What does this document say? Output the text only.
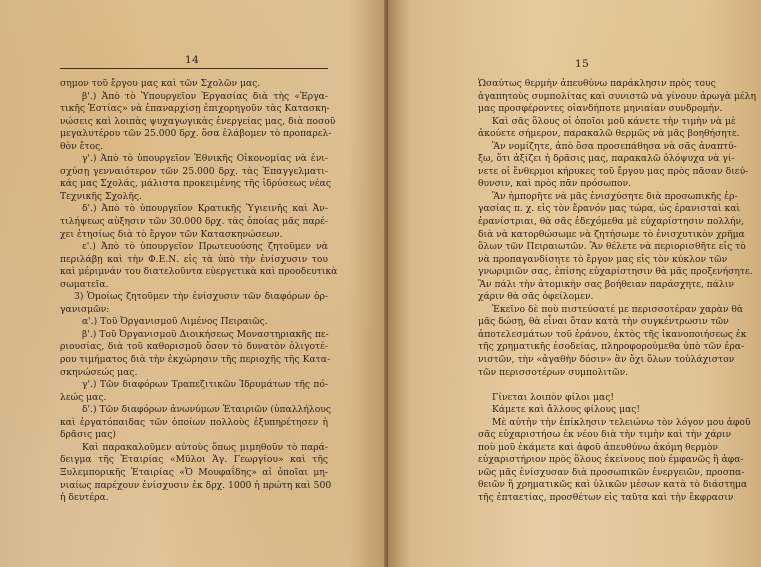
14
σημον τοῦ ἔργου μας καὶ τῶν Σχολῶν μας.
β'.) Ἀπὸ τὸ Ὑπουργεῖον Ἐργασίας διὰ τὴς «Ἐργα-
τικῆς Ἑστίας» νὰ ἐπαναρχίσῃ ἐπιχορηγοῦν τὰς Κατασκη-
νώσεις καὶ λοιπὰς ψυχαγωγικὰς ἐνεργείας μας, διὰ ποσοῦ
μεγαλυτέρου τῶν 25.000 δρχ. ὅσα ἐλάβομεν τὸ προπαρελ-
θὸν ἔτος.
γ'.) Ἀπὸ τὸ ὑπουργεῖον Ἐθνικῆς Οἰκονομίας νὰ ἐνι-
σχύσῃ γενναιότερον τῶν 25.000 δρχ. τὰς Ἐπαγγελματι-
κάς μας Σχολάς, μάλιστα προκειμένης τῆς ἱδρύσεως νέας
Τεχνικῆς Σχολῆς.
δ'.) Ἀπὸ τὸ ὑπουργεῖον Κρατικῆς Ὑγιεινῆς καὶ Ἀν-
τιλήψεως αὐξησιν τῶν 30.000 δρχ. τὰς ὁποίας μᾶς παρέ-
χει ἐτησίως διὰ τὸ ἔργον τῶν Κατασκηνώσεων.
ε'.) Ἀπὸ τὸ ὑπουργεῖον Πρωτευούσης ζητοῦμεν νὰ
περιλάβῃ καὶ τὴν Φ.Ε.Ν. εἰς τὰ ὑπὸ τὴν ἐνίσχυσιν του
καὶ μέριμνάν του διατελοῦντα εὐεργετικὰ καὶ προοδευτικὰ
σωματεῖα.
3) Ὁμοίως ζητοῦμεν τὴν ἐνίσχυσιν τῶν διαφόρων ὀρ-
γανισμῶν:
α'.) Τοῦ Ὀργανισμοῦ Λιμένος Πειραιῶς.
β'.) Τοῦ Ὀργανισμοῦ Διοικήσεως Μοναστηριακῆς πε-
ριουσίας, διὰ τοῦ καθορισμοῦ ὅσον τὸ δυνατὸν ὀλιγοτέ-
ρου τιμήματος διὰ τὴν ἐκχώρησιν τῆς περιοχῆς τῆς Κατα-
σκηνώσεώς μας.
γ'.) Τῶν διαφόρων Τραπεζιτικῶν Ἱδρυμάτων τῆς πό-
λεώς μας.
δ'.) Τῶν διαφόρων ἀνωνύμων Ἑταιριῶν (ὑπαλλήλους
καὶ ἐργατόπαιδας τῶν ὁποίων πολλοὺς ἐξυπηρέτησεν ἡ
δρᾶσις μας)
Καὶ παρακαλοῦμεν αὐτοὺς ὅπως μιμηθοῦν τὸ παρά-
δειγμα τῆς Ἑταιρίας «Μῦλοι Ἁγ. Γεωργίου» καὶ τῆς
Ξυλεμπορικῆς Ἑταιρίας «Ὁ Μουφαΐδης» αἱ ὁποῖαι μη-
νιαίως παρέχουν ἐνίσχυσιν ἐκ δρχ. 1000 ἡ πρώτη καὶ 500
ἡ δευτέρα.
15
Ὡσαύτως θερμὴν ἀπευθύνω παράκλησιν πρὸς τους
ἀγαπητοὺς συμπολίτας καὶ συνιστῶ νὰ γίνουν ἀρωγὰ μέλη
μας προσφέροντες οἱανδήποτε μηνιαίαν συνδρομήν.
Καὶ σᾶς ὅλους οἱ ὁποῖοι μοῦ κάνετε τὴν τιμὴν νὰ μὲ
ἀκούετε σήμερον, παρακαλῶ θερμῶς νὰ μᾶς βοηθήσητε.
Ἂν νομίζητε, ἀπὸ ὅσα προσεπάθησα νὰ σᾶς ἀναπτύ-
ξω, ὅτι ἀξίζει ἡ δρᾶσις μας, παρακαλῶ ὁλόψυχα νὰ γί-
νετε οἱ ἔνθερμοι κήρυκες τοῦ ἔργου μας πρὸς πᾶσαν διεύ-
θυνσιν, καὶ πρὸς πᾶν πρόσωπον.
Ἂν ἠμπορῆτε νὰ μᾶς ἐνισχύσητε διὰ προσωπικῆς ἐρ-
γασίας π. χ. εἰς τὸν ἔρανόν μας τώρα, ὡς ἐρανισταὶ καὶ
ἐρανίστριαι, θὰ σᾶς ἐδεχόμεθα μὲ εὐχαρίστησιν πολλήν,
διὰ νὰ κατορθώσωμε νὰ ζητήσωμε τὸ ἐνισχυτικὸν χρῆμα
ὅλων τῶν Πειραιωτῶν. Ἂν θέλετε νὰ περιορισθῆτε εἰς τὸ
νὰ προπαγανδίσητε τὸ ἔργον μας εἰς τὸν κύκλον τῶν
γνωριμιῶν σας, ἐπίσης εὐχαρίστησιν θὰ μᾶς προξενήσητε.
Ἂν πάλι τὴν ἀτομικὴν σας βοήθειαν παράσχητε, πάλιν
χάριν θὰ σᾶς ὀφείλομεν.
Ἐκεῖνο δὲ ποὺ πιστεύσατέ με περισσοτέραν χαρὰν θὰ
μᾶς δώσῃ, θὰ εἶναι ὅταν κατὰ τὴν συγκέντρωσιν τῶν
ἀποτελεσμάτων τοῦ ἐράνου, ἐκτὸς τῆς ἱκανοποιήσεως ἐκ
τῆς χρηματικῆς ἐσοδείας, πληροφορούμεθα ὑπὸ τῶν ἐρα-
νιστῶν, τὴν «ἀγαθὴν δόσιν» ἂν ὄχι ὅλων τοὐλάχιστον
τῶν περισσοτέρων συμπολιτῶν.
Γίνεται λοιπὸν φίλοι μας!
Κάμετε καὶ ἄλλους φίλους μας!
Μὲ αὐτὴν τὴν ἐπίκλησιν τελειώνω τὸν λόγον μου ἀφοῦ
σᾶς εὐχαριστήσω ἐκ νέου διὰ τὴν τιμὴν καὶ τὴν χάριν
ποὺ μοῦ ἐκάμετε καὶ ἀφοῦ ἀπευθύνω ἀκόμη θερμὸν
εὐχαριστήριον πρὸς ὅλους ἐκείνους ποὺ ἐμφανῶς ἢ ἀφα-
νῶς μᾶς ἐνίσχυσαν διὰ προσωπικῶν ἐνεργειῶν, προσπα-
θειῶν ἢ χρηματικῶς καὶ ὑλικῶν μέσων κατὰ τὸ διάστημα
τῆς ἐπταετίας, προσθέτων εἰς ταῦτα καὶ τὴν ἔκφρασιν
